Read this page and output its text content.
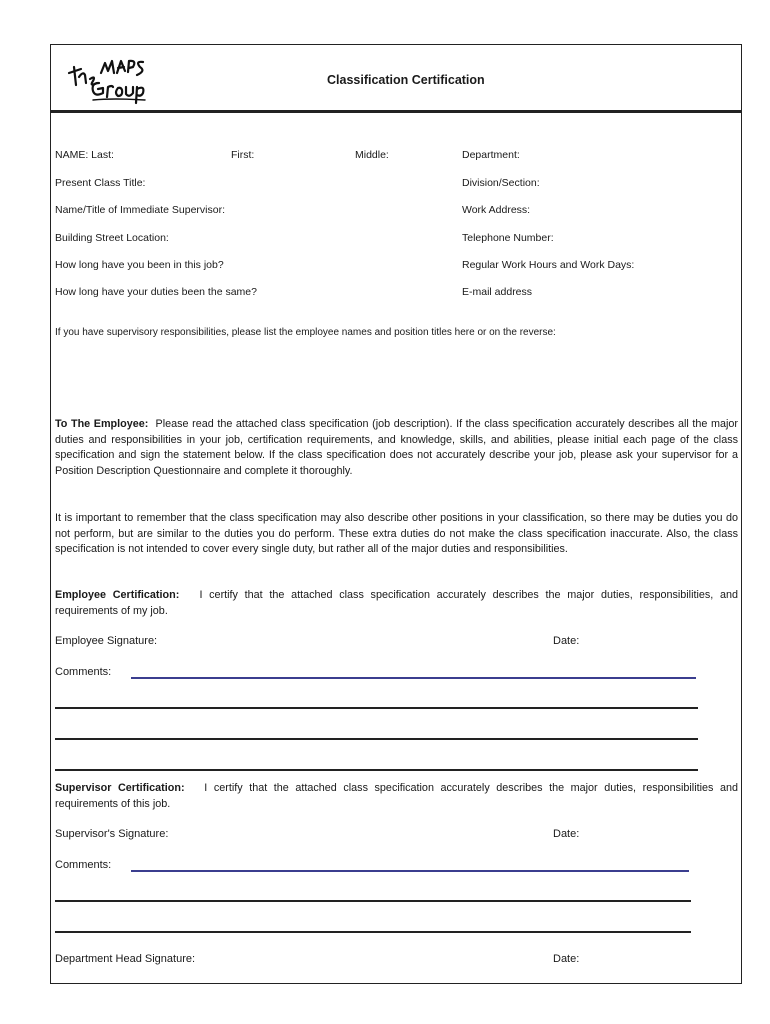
Classification Certification
NAME: Last:	First:	Middle:	Department:
Present Class Title:	Division/Section:
Name/Title of Immediate Supervisor:	Work Address:
Building Street Location:	Telephone Number:
How long have you been in this job?	Regular Work Hours and Work Days:
How long have your duties been the same?	E-mail address
If you have supervisory responsibilities, please list the employee names and position titles here or on the reverse:
To The Employee: Please read the attached class specification (job description). If the class specification accurately describes all the major duties and responsibilities in your job, certification requirements, and knowledge, skills, and abilities, please initial each page of the class specification and sign the statement below. If the class specification does not accurately describe your job, please ask your supervisor for a Position Description Questionnaire and complete it thoroughly.
It is important to remember that the class specification may also describe other positions in your classification, so there may be duties you do not perform, but are similar to the duties you do perform. These extra duties do not make the class specification inaccurate. Also, the class specification is not intended to cover every single duty, but rather all of the major duties and responsibilities.
Employee Certification: I certify that the attached class specification accurately describes the major duties, responsibilities, and requirements of my job.
Employee Signature:	Date:
Comments:
Supervisor Certification: I certify that the attached class specification accurately describes the major duties, responsibilities and requirements of this job.
Supervisor's Signature:	Date:
Comments:
Department Head Signature:	Date:
